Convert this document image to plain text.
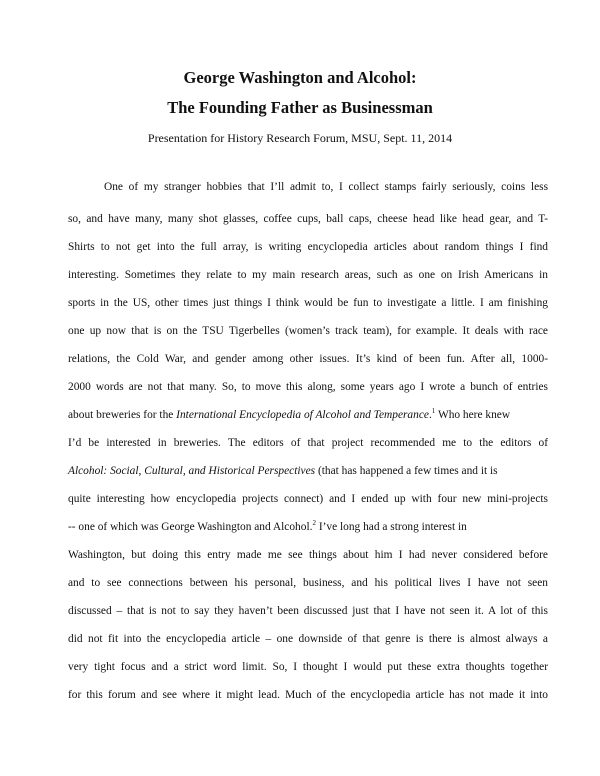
George Washington and Alcohol:
The Founding Father as Businessman

Presentation for History Research Forum, MSU, Sept. 11, 2014

One of my stranger hobbies that I’ll admit to, I collect stamps fairly seriously, coins less

so, and have many, many shot glasses, coffee cups, ball caps, cheese head like head gear, and T-

Shirts to not get into the full array, is writing encyclopedia articles about random things I find

interesting. Sometimes they relate to my main research areas, such as one on Irish Americans in

sports in the US, other times just things I think would be fun to investigate a little. I am finishing

one up now that is on the TSU Tigerbelles (women’s track team), for example. It deals with race

relations, the Cold War, and gender among other issues. It’s kind of been fun. After all, 1000-

2000 words are not that many. So, to move this along, some years ago I wrote a bunch of entries

about breweries for the International Encyclopedia of Alcohol and Temperance.$^1$ Who here knew

I’d be interested in breweries. The editors of that project recommended me to the editors of

Alcohol: Social, Cultural, and Historical Perspectives (that has happened a few times and it is

quite interesting how encyclopedia projects connect) and I ended up with four new mini-projects

-- one of which was George Washington and Alcohol.$^2$ I’ve long had a strong interest in

Washington, but doing this entry made me see things about him I had never considered before

and to see connections between his personal, business, and his political lives I have not seen

discussed – that is not to say they haven’t been discussed just that I have not seen it. A lot of this

did not fit into the encyclopedia article – one downside of that genre is there is almost always a

very tight focus and a strict word limit. So, I thought I would put these extra thoughts together

for this forum and see where it might lead. Much of the encyclopedia article has not made it into
